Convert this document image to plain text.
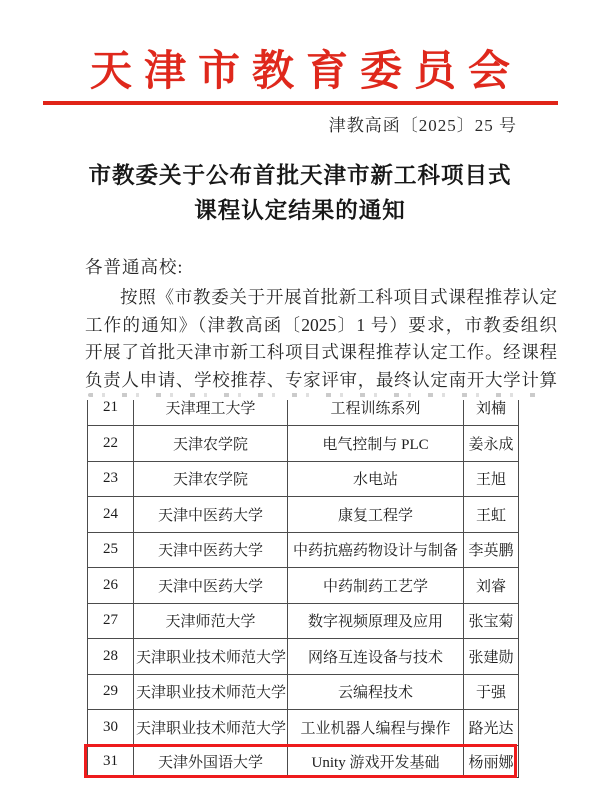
天津市教育委员会
津教高函〔2025〕25 号
市教委关于公布首批天津市新工科项目式
课程认定结果的通知
各普通高校:
按照《市教委关于开展首批新工科项目式课程推荐认定
工作的通知》（津教高函〔2025〕1 号）要求，市教委组织
开展了首批天津市新工科项目式课程推荐认定工作。经课程
负责人申请、学校推荐、专家评审，最终认定南开大学计算
21	天津理工大学	工程训练系列	刘楠
22	天津农学院	电气控制与 PLC	姜永成
23	天津农学院	水电站	王旭
24	天津中医药大学	康复工程学	王虹
25	天津中医药大学	中药抗癌药物设计与制备	李英鹏
26	天津中医药大学	中药制药工艺学	刘睿
27	天津师范大学	数字视频原理及应用	张宝菊
28	天津职业技术师范大学	网络互连设备与技术	张建勋
29	天津职业技术师范大学	云编程技术	于强
30	天津职业技术师范大学	工业机器人编程与操作	路光达
31	天津外国语大学	Unity 游戏开发基础	杨丽娜
